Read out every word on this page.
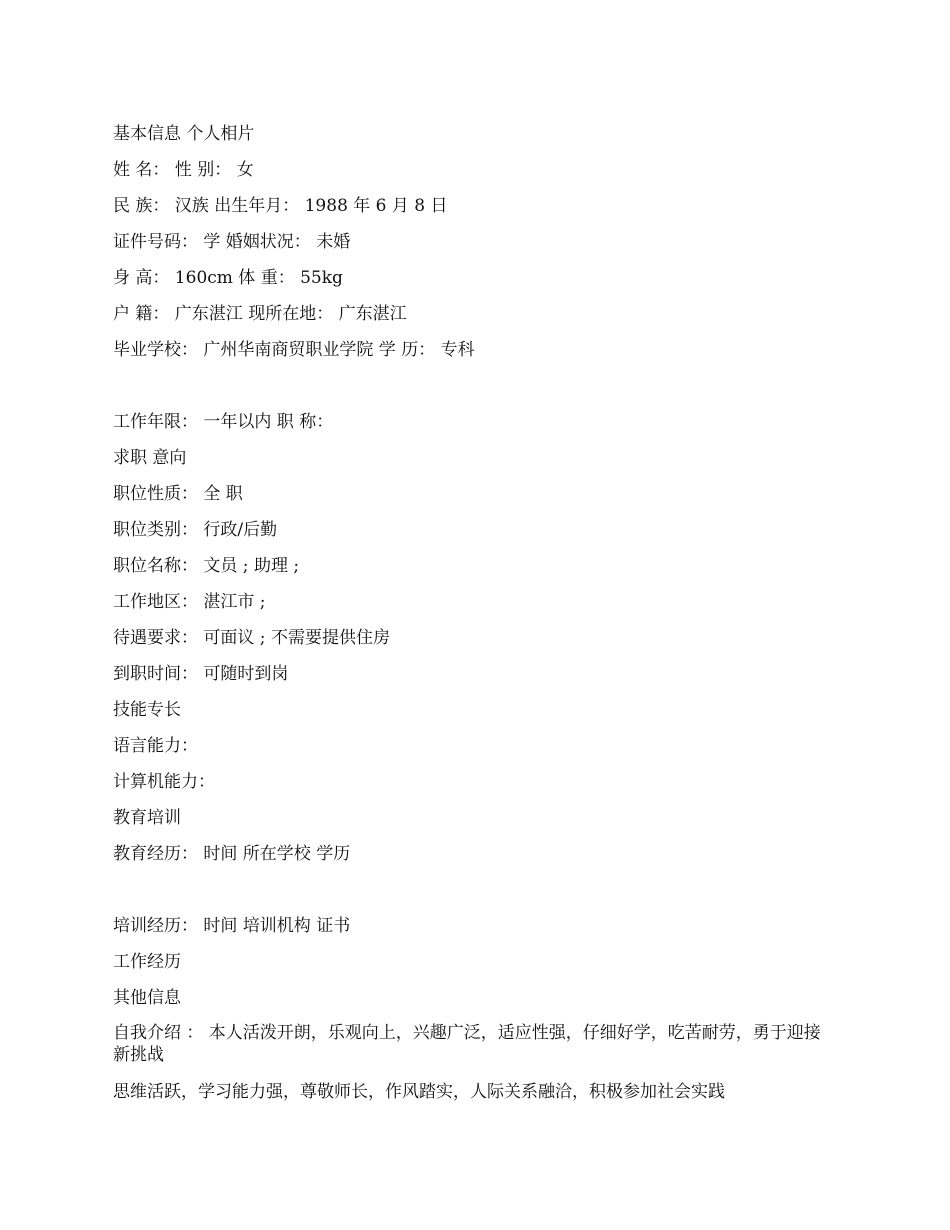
基本信息 个人相片
姓 名： 性 别： 女
民 族： 汉族 出生年月： 1988 年 6 月 8 日
证件号码： 学 婚姻状况： 未婚
身 高： 160cm 体 重： 55kg
户 籍： 广东湛江 现所在地： 广东湛江
毕业学校： 广州华南商贸职业学院 学 历： 专科
工作年限： 一年以内 职 称：
求职 意向
职位性质： 全 职
职位类别： 行政/后勤
职位名称： 文员 ; 助理 ;
工作地区： 湛江市 ;
待遇要求： 可面议 ; 不需要提供住房
到职时间： 可随时到岗
技能专长
语言能力：
计算机能力：
教育培训
教育经历： 时间 所在学校 学历
培训经历： 时间 培训机构 证书
工作经历
其他信息
自我介绍 ： 本人活泼开朗，乐观向上，兴趣广泛，适应性强，仔细好学，吃苦耐劳，勇于迎接新挑战
思维活跃，学习能力强，尊敬师长，作风踏实，人际关系融洽，积极参加社会实践
